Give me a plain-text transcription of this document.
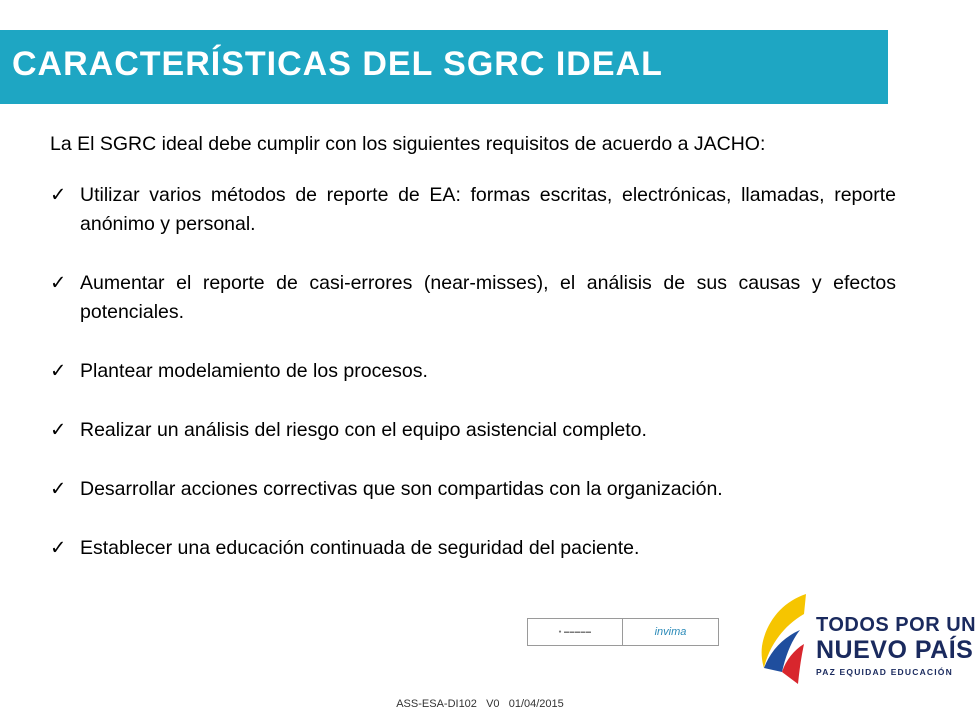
CARACTERÍSTICAS DEL SGRC IDEAL

La El SGRC ideal debe cumplir con los siguientes requisitos de acuerdo a JACHO:

✓ Utilizar varios métodos de reporte de EA: formas escritas, electrónicas, llamadas, reporte anónimo y personal.
✓ Aumentar el reporte de casi-errores (near-misses), el análisis de sus causas y efectos potenciales.
✓ Plantear modelamiento de los procesos.
✓ Realizar un análisis del riesgo con el equipo asistencial completo.
✓ Desarrollar acciones correctivas que son compartidas con la organización.
✓ Establecer una educación continuada de seguridad del paciente.
● ▬▬▬▬▬	invima	TODOS POR UN
NUEVO PAÍS
PAZ EQUIDAD EDUCACIÓN
ASS-ESA-DI102   V0   01/04/2015
